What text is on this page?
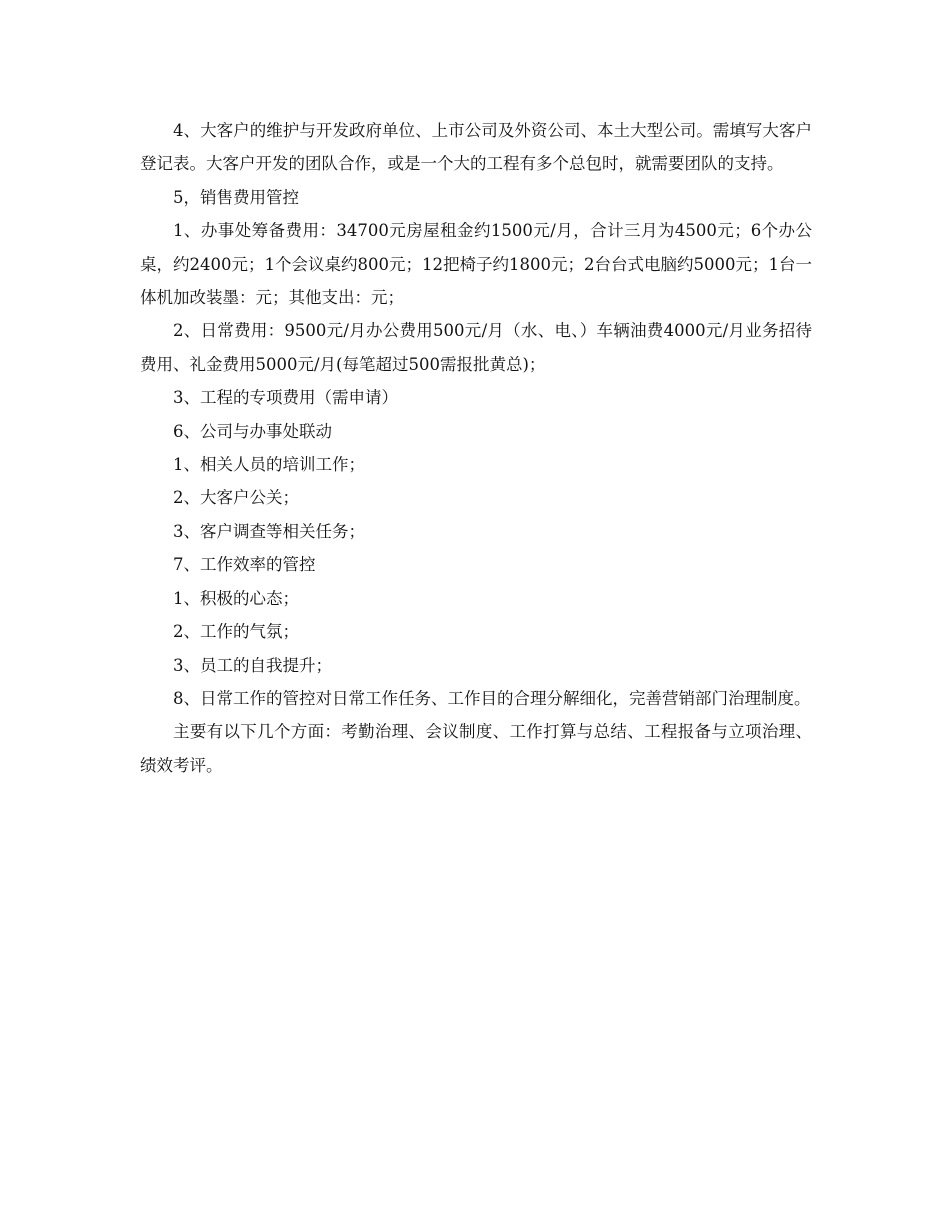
4、大客户的维护与开发政府单位、上市公司及外资公司、本土大型公司。需填写大客户登记表。大客户开发的团队合作，或是一个大的工程有多个总包时，就需要团队的支持。

5，销售费用管控

1、办事处筹备费用：34700元房屋租金约1500元/月，合计三月为4500元；6个办公桌，约2400元；1个会议桌约800元；12把椅子约1800元；2台台式电脑约5000元；1台一体机加改装墨：元；其他支出：元；

2、日常费用：9500元/月办公费用500元/月（水、电、）车辆油费4000元/月业务招待费用、礼金费用5000元/月(每笔超过500需报批黄总)；

3、工程的专项费用（需申请）

6、公司与办事处联动

1、相关人员的培训工作；

2、大客户公关；

3、客户调查等相关任务；

7、工作效率的管控

1、积极的心态；

2、工作的气氛；

3、员工的自我提升；

8、日常工作的管控对日常工作任务、工作目的合理分解细化，完善营销部门治理制度。

主要有以下几个方面：考勤治理、会议制度、工作打算与总结、工程报备与立项治理、绩效考评。
